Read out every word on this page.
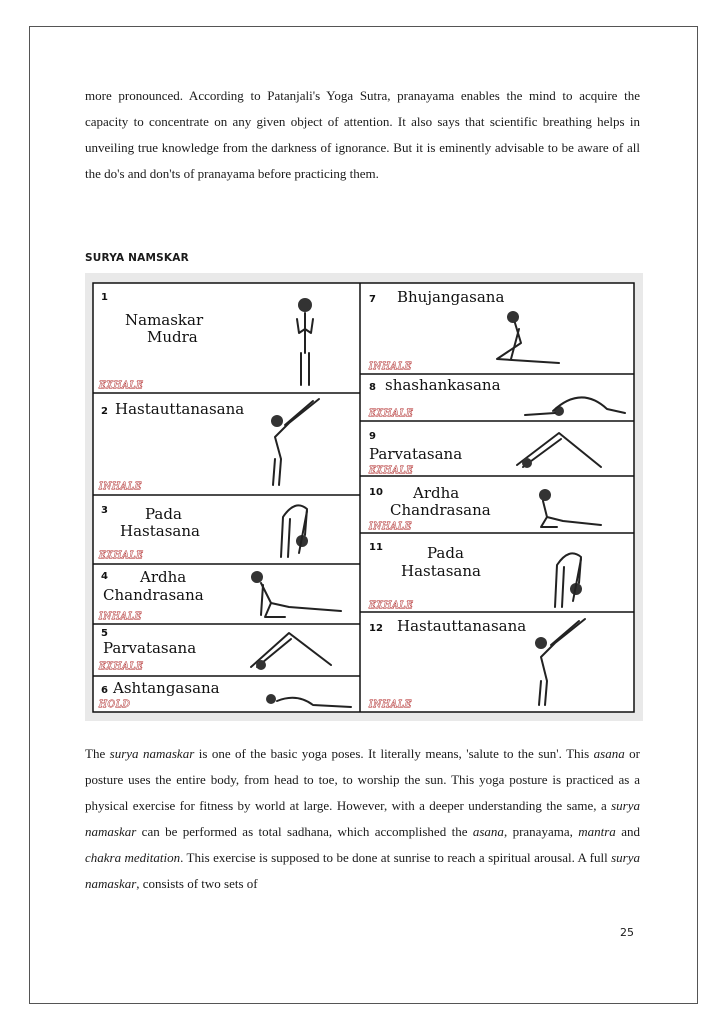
more pronounced. According to Patanjali's Yoga Sutra, pranayama enables the mind to acquire the capacity to concentrate on any given object of attention. It also says that scientific breathing helps in unveiling true knowledge from the darkness of ignorance. But it is eminently advisable to be aware of all the do's and don'ts of pranayama before practicing them.

SURYA NAMSKAR

1
Namaskar
Mudra
EXHALE
2 Hastauttanasana
INHALE
3 Pada
Hastasana
EXHALE
4 Ardha
Chandrasana
INHALE
5
Parvatasana
EXHALE
6 Ashtangasana
HOLD
7 Bhujangasana
INHALE
8 shashankasana
EXHALE
9
Parvatasana
EXHALE
10 Ardha
Chandrasana
INHALE
11	Pada
Hastasana
EXHALE
12 Hastauttanasana
INHALE

The surya namaskar is one of the basic yoga poses. It literally means, 'salute to the sun'. This asana or posture uses the entire body, from head to toe, to worship the sun. This yoga posture is practiced as a physical exercise for fitness by world at large. However, with a deeper understanding the same, a surya namaskar can be performed as total sadhana, which accomplished the asana, pranayama, mantra and chakra meditation. This exercise is supposed to be done at sunrise to reach a spiritual arousal. A full surya namaskar, consists of two sets of

25
